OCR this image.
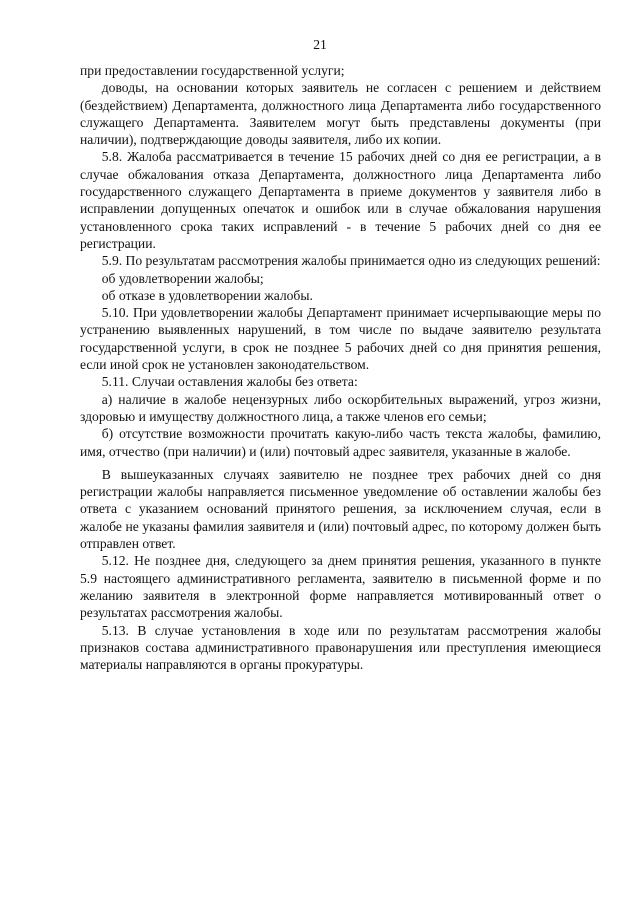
21

при предоставлении государственной услуги;

доводы, на основании которых заявитель не согласен с решением и действием (бездействием) Департамента, должностного лица Департамента либо государственного служащего Департамента. Заявителем могут быть представлены документы (при наличии), подтверждающие доводы заявителя, либо их копии.

5.8. Жалоба рассматривается в течение 15 рабочих дней со дня ее регистрации, а в случае обжалования отказа Департамента, должностного лица Департамента либо государственного служащего Департамента в приеме документов у заявителя либо в исправлении допущенных опечаток и ошибок или в случае обжалования нарушения установленного срока таких исправлений - в течение 5 рабочих дней со дня ее регистрации.

5.9. По результатам рассмотрения жалобы принимается одно из следующих решений:

об удовлетворении жалобы;

об отказе в удовлетворении жалобы.

5.10. При удовлетворении жалобы Департамент принимает исчерпывающие меры по устранению выявленных нарушений, в том числе по выдаче заявителю результата государственной услуги, в срок не позднее 5 рабочих дней со дня принятия решения, если иной срок не установлен законодательством.

5.11. Случаи оставления жалобы без ответа:

а) наличие в жалобе нецензурных либо оскорбительных выражений, угроз жизни, здоровью и имуществу должностного лица, а также членов его семьи;

б) отсутствие возможности прочитать какую-либо часть текста жалобы, фамилию, имя, отчество (при наличии) и (или) почтовый адрес заявителя, указанные в жалобе.

В вышеуказанных случаях заявителю не позднее трех рабочих дней со дня регистрации жалобы направляется письменное уведомление об оставлении жалобы без ответа с указанием оснований принятого решения, за исключением случая, если в жалобе не указаны фамилия заявителя и (или) почтовый адрес, по которому должен быть отправлен ответ.

5.12. Не позднее дня, следующего за днем принятия решения, указанного в пункте 5.9 настоящего административного регламента, заявителю в письменной форме и по желанию заявителя в электронной форме направляется мотивированный ответ о результатах рассмотрения жалобы.

5.13. В случае установления в ходе или по результатам рассмотрения жалобы признаков состава административного правонарушения или преступления имеющиеся материалы направляются в органы прокуратуры.
